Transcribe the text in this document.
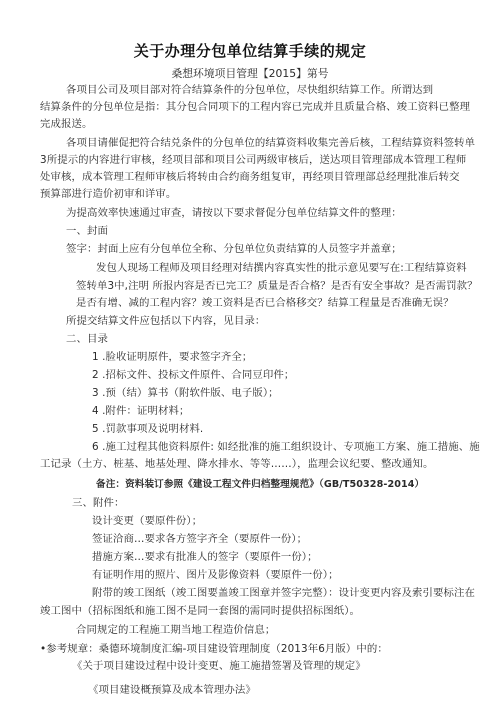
关于办理分包单位结算手续的规定
桑想环境项目管理【2015】第号
各项目公司及项目部对符合结算条件的分包单位，尽快组织结算工作。所谓达到
结算条件的分包单位是指：其分包合同项下的工程内容已完成并且质量合格、竣工资料已整理
完成报送。
各项目请催促把符合结兑条件的分包单位的结算资料收集完善后核，工程结算资料签转单
3所提示的内容进行审核，经项目部和项目公司两级审核后，送达项目管理部成本管理工程师
处审核，成本管理工程师审核后将转由合约商务组复审，再经项目管理部总经理批准后转交
预算部进行造价初审和详审。
为提高效率快速通过审查，请按以下要求督促分包单位结算文件的整理：
一、封面
签字：封面上应有分包单位全称、分包单位负责结算的人员签字并盖章；
发包人现场工程师及项目经理对结撰内容真实性的批示意见要写在:工程结算资料
签转单3中,注明 所报内容是否已完工？质量是否合格？是否有安全事故？是否需罚款？
是否有增、减的工程内容？竣工资料是否已合格移交？结算工程量是否准确无误？
所提交结算文件应包括以下内容，见目录：
二、目录
1 .脸收证明原件，要求签字齐全；
2 .招标文件、投标文件原件、合同豆印件；
3 .预（结）算书（附软件版、电子版）；
4 .附件：证明材料；
5 .罚款事项及说明材料.
6 .施工过程其他资料原件: 如经批准的施工组织设计、专项施工方案、施工措施、施
工记录（土方、桩基、地基处理、降水排水、等等……），监理会议纪要、整改通知。
备注：资料装订参照《建设工程文件归档整理规范》（GB/T50328-2014）
三、附件：
设计变更（要原件份）；
签证洽商…要求各方签字齐全（要原件一份）；
措施方案…要求有批准人的签字（要原件一份）；
有证明作用的照片、图片及影像资料（要原件一份）；
附带的竣工图纸（竣工图要盖竣工图章并签字完整）：设计变更内容及索引要标注在
竣工图中（招标图纸和施工图不是同一套图的需同时提供招标图纸）。
合同规定的工程施工期当地工程造价信息；
•参考规章：桑德环境制度汇编-项目建设管理制度（2013年6月版）中的：
《关于项目建设过程中设计变更、施工施措签署及管理的规定》
《项目建设概预算及成本管理办法》
